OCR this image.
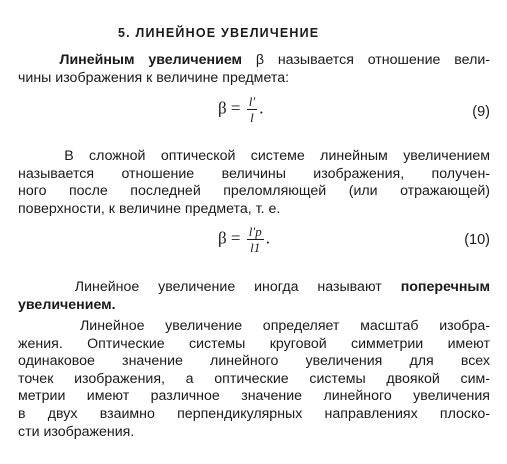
5. ЛИНЕЙНОЕ УВЕЛИЧЕНИЕ
Линейным увеличением β называется отношение вели-
чины изображения к величине предмета:
$\beta = \frac{l'}{l}$ .	(9)
В сложной оптической системе линейным увеличением
называется отношение величины изображения, получен-
ного после последней преломляющей (или отражающей)
поверхности, к величине предмета, т. е.
$\beta = \frac{l'p}{l1}$ .	(10)
Линейное увеличение иногда называют поперечным
увеличением.
Линейное увеличение определяет масштаб изобра-
жения. Оптические системы круговой симметрии имеют
одинаковое значение линейного увеличения для всех
точек изображения, а оптические системы двоякой сим-
метрии имеют различное значение линейного увеличения
в двух взаимно перпендикулярных направлениях плоско-
сти изображения.
